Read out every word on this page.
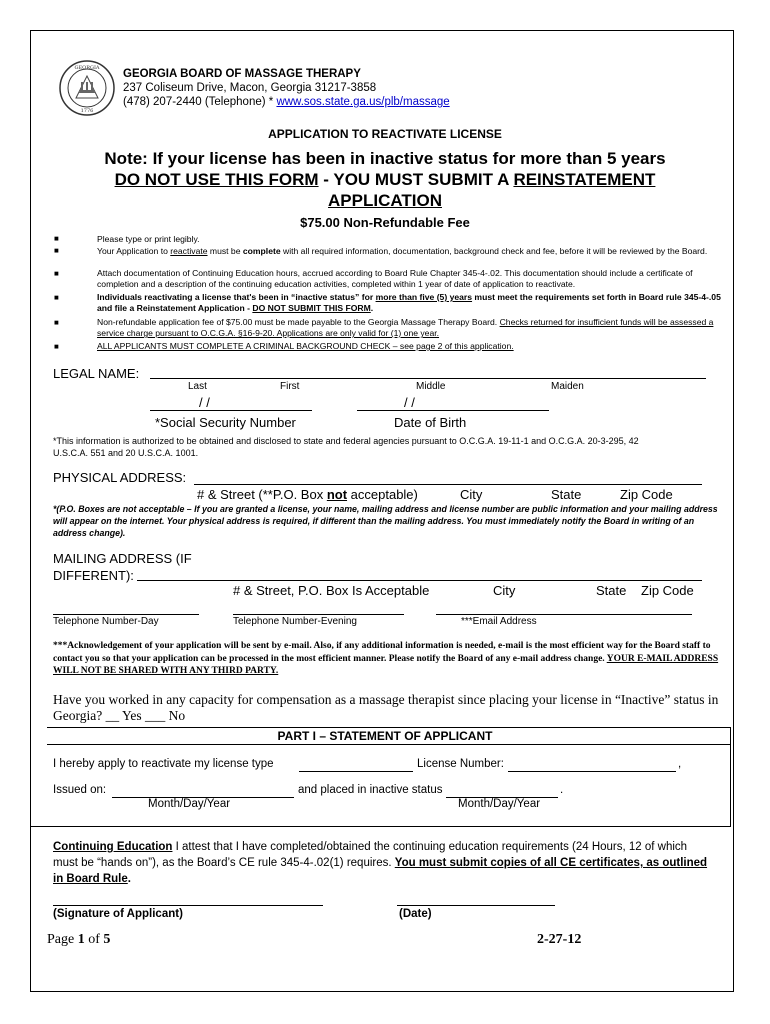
1776
GEORGIA GEORGIA BOARD OF MASSAGE THERAPY
237 Coliseum Drive, Macon, Georgia 31217-3858
(478) 207-2440 (Telephone) * www.sos.state.ga.us/plb/massage
APPLICATION TO REACTIVATE LICENSE
Note: If your license has been in inactive status for more than 5 years
DO NOT USE THIS FORM - YOU MUST SUBMIT A REINSTATEMENT
APPLICATION
$75.00 Non-Refundable Fee
■	Please type or print legibly.
■	Your Application to reactivate must be complete with all required information, documentation, background check and fee, before it will be reviewed by the Board.
■	Attach documentation of Continuing Education hours, accrued according to Board Rule Chapter 345-4-.02. This documentation should include a certificate of completion and a description of the continuing education activities, completed within 1 year of date of application to reactivate.
■	Individuals reactivating a license that's been in “inactive status” for more than five (5) years must meet the requirements set forth in Board rule 345-4-.05 and file a Reinstatement Application - DO NOT SUBMIT THIS FORM.
■	Non-refundable application fee of $75.00 must be made payable to the Georgia Massage Therapy Board. Checks returned for insufficient funds will be assessed a service charge pursuant to O.C.G.A. §16-9-20. Applications are only valid for (1) one year.
■	ALL APPLICANTS MUST COMPLETE A CRIMINAL BACKGROUND CHECK – see page 2 of this application.
LEGAL NAME:
Last	First	Middle	Maiden
/ /	/ /
*Social Security Number	Date of Birth
*This information is authorized to be obtained and disclosed to state and federal agencies pursuant to O.C.G.A. 19-11-1 and O.C.G.A. 20-3-295, 42 U.S.C.A. 551 and 20 U.S.C.A. 1001.
PHYSICAL ADDRESS:
# & Street (**P.O. Box not acceptable)	City	State	Zip Code
*(P.O. Boxes are not acceptable – If you are granted a license, your name, mailing address and license number are public information and your mailing address will appear on the internet. Your physical address is required, if different than the mailing address. You must immediately notify the Board in writing of an address change).
MAILING ADDRESS (IF
DIFFERENT):
# & Street, P.O. Box Is Acceptable	City	State Zip Code
Telephone Number-Day	Telephone Number-Evening	***Email Address
***Acknowledgement of your application will be sent by e-mail. Also, if any additional information is needed, e-mail is the most efficient way for the Board staff to contact you so that your application can be processed in the most efficient manner. Please notify the Board of any e-mail address change. YOUR E-MAIL ADDRESS WILL NOT BE SHARED WITH ANY THIRD PARTY.
Have you worked in any capacity for compensation as a massage therapist since placing your license in “Inactive” status in Georgia? __ Yes ___ No
PART I – STATEMENT OF APPLICANT
I hereby apply to reactivate my license type	License Number:	,
Issued on:	and placed in inactive status	.
Month/Day/Year	Month/Day/Year
Continuing Education I attest that I have completed/obtained the continuing education requirements (24 Hours, 12 of which must be “hands on”), as the Board’s CE rule 345-4-.02(1) requires. You must submit copies of all CE certificates, as outlined in Board Rule.
(Signature of Applicant)	(Date)
Page 1 of 5	2-27-12
